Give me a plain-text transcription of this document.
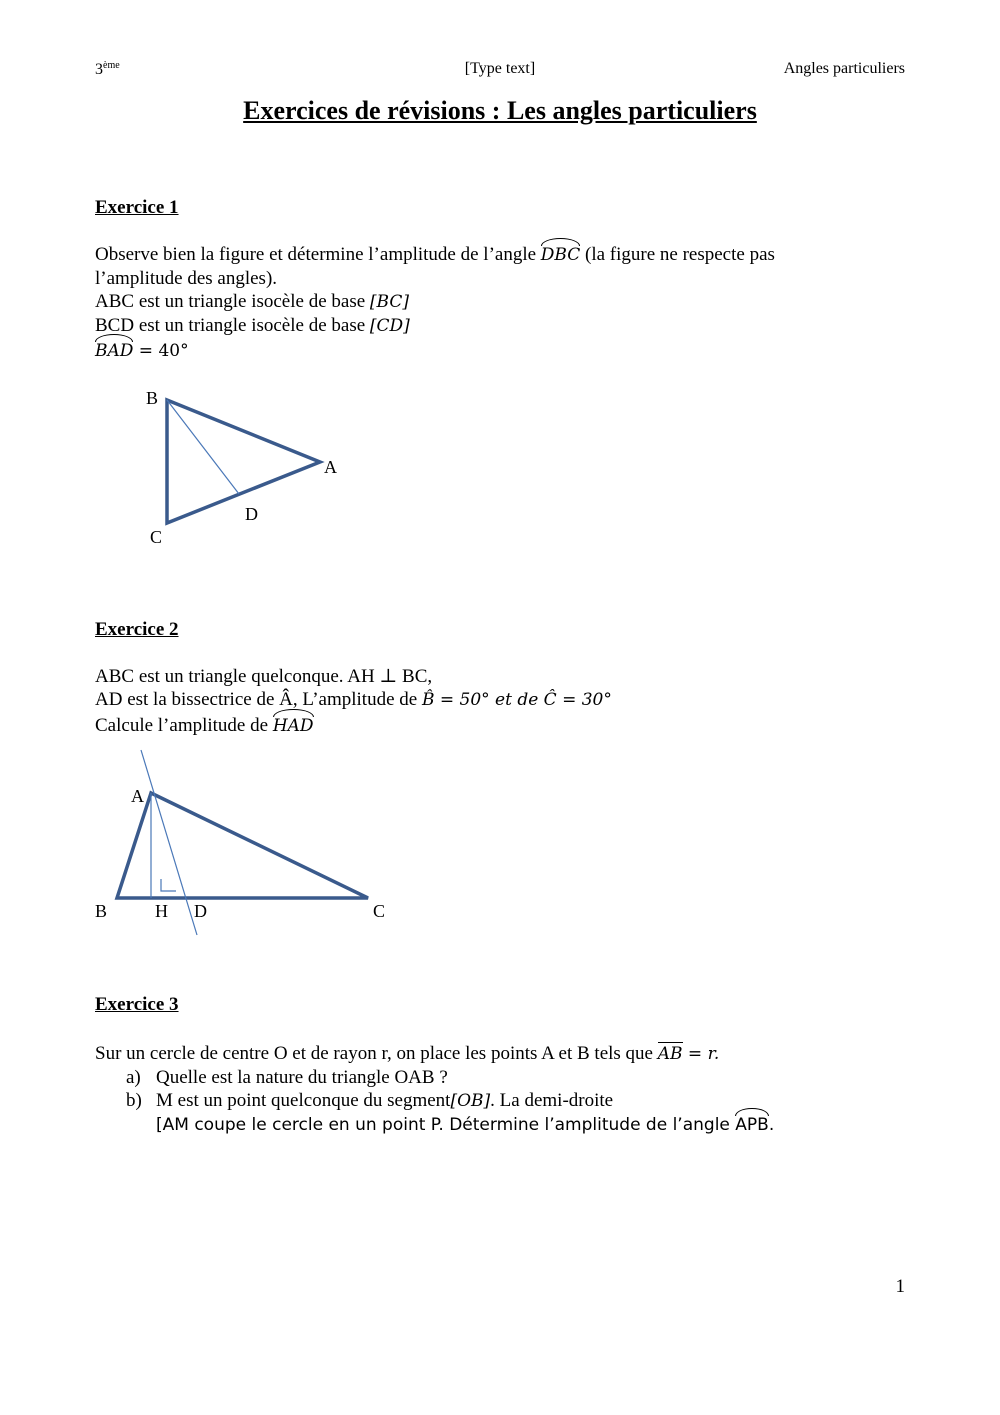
3ème	[Type text]	Angles particuliers
Exercices de révisions : Les angles particuliers
Exercice 1
Observe bien la figure et détermine l’amplitude de l’angle
DBC (la figure ne respecte pas
l’amplitude des angles).
ABC est un triangle isocèle de base [BC]
BCD est un triangle isocèle de base [CD]
BAD = 40°
B
A
D
C
Exercice 2
ABC est un triangle quelconque. AH ⊥ BC,
AD est la bissectrice de Â, L’amplitude de B̂ = 50° et de Ĉ = 30°
Calcule l’amplitude de
HAD
A
B	H D	C
Exercice 3
Sur un cercle de centre O et de rayon r, on place les points A et B tels que
AB = r.
a) Quelle est la nature du triangle OAB ?
b) M est un point quelconque du segment[OB]. La demi-droite
[AM coupe le cercle en un point P. Détermine l’amplitude de l’angle
APB.
1
